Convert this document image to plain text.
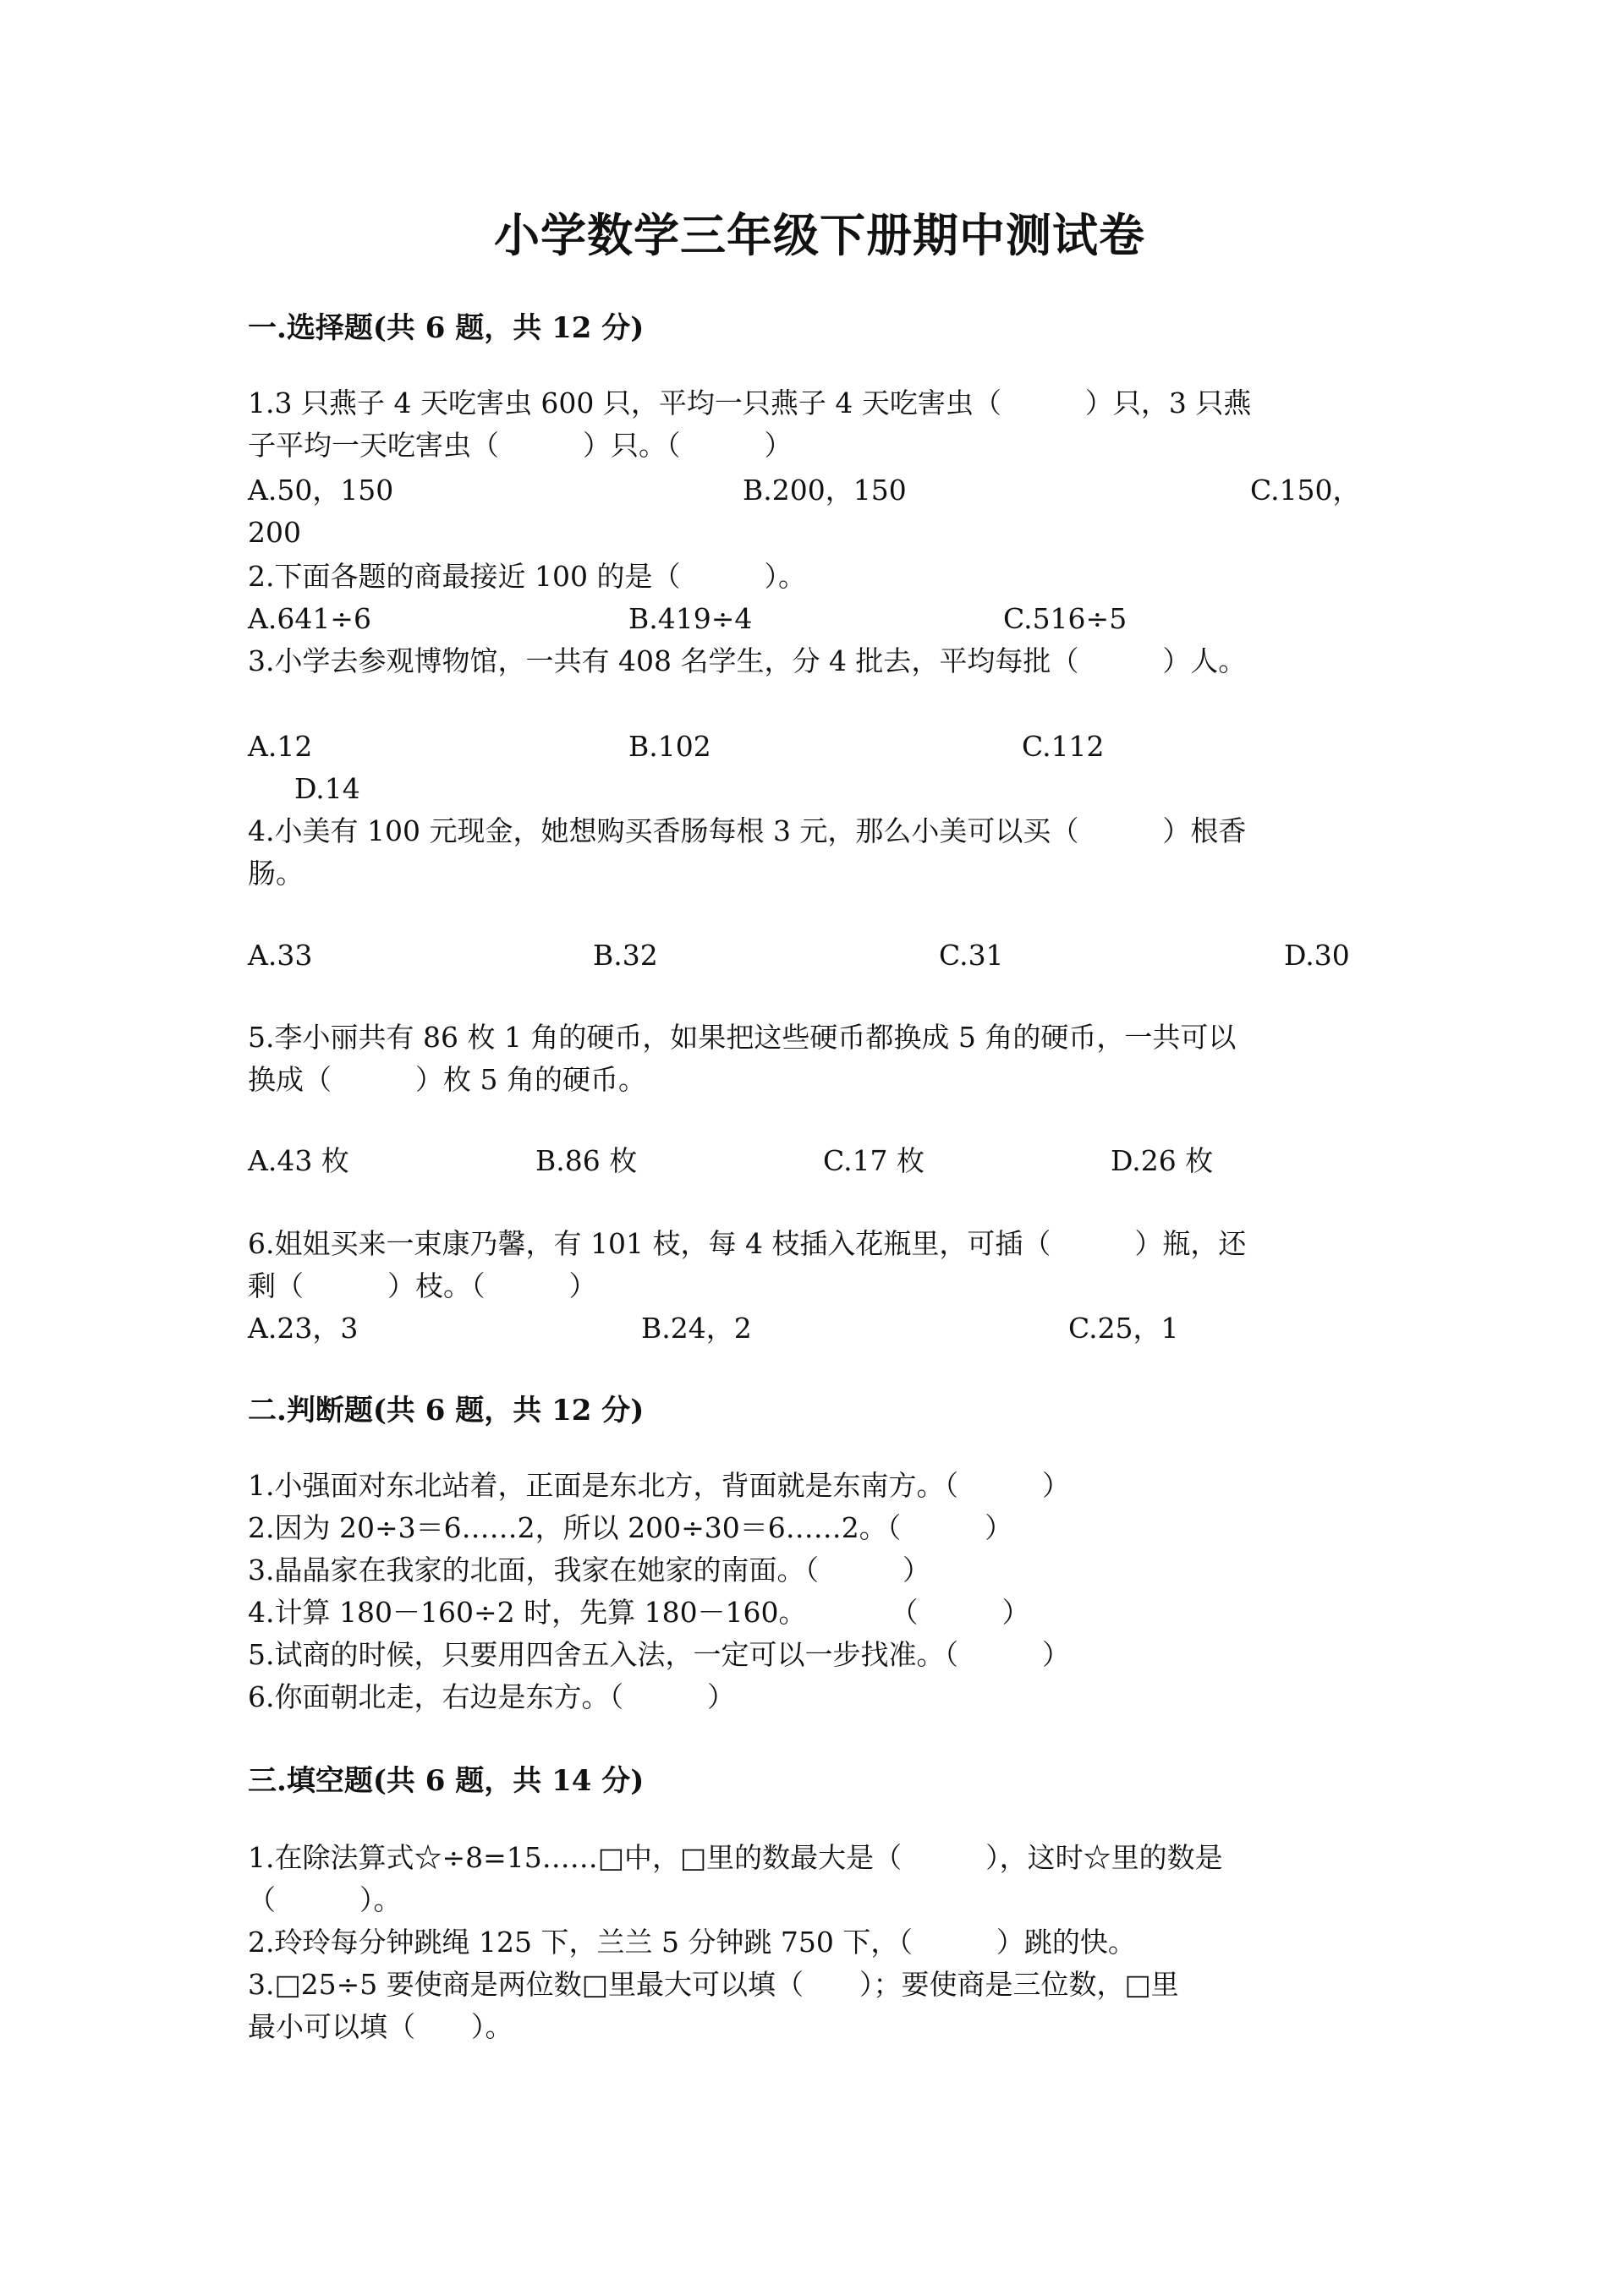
小学数学三年级下册期中测试卷
一.选择题(共 6 题，共 12 分)
1.3 只燕子 4 天吃害虫 600 只，平均一只燕子 4 天吃害虫（　　　）只，3 只燕
子平均一天吃害虫（　　　）只。（　　　）
A.50，150	B.200，150	C.150，
200
2.下面各题的商最接近 100 的是（　　　）。
A.641÷6	B.419÷4	C.516÷5
3.小学去参观博物馆，一共有 408 名学生，分 4 批去，平均每批（　　　）人。
A.12	B.102	C.112
D.14
4.小美有 100 元现金，她想购买香肠每根 3 元，那么小美可以买（　　　）根香
肠。
A.33	B.32	C.31	D.30
5.李小丽共有 86 枚 1 角的硬币，如果把这些硬币都换成 5 角的硬币，一共可以
换成（　　　）枚 5 角的硬币。
A.43 枚	B.86 枚	C.17 枚	D.26 枚
6.姐姐买来一束康乃馨，有 101 枝，每 4 枝插入花瓶里，可插（　　　）瓶，还
剩（　　　）枝。（　　　）
A.23，3	B.24，2	C.25，1
二.判断题(共 6 题，共 12 分)
1.小强面对东北站着，正面是东北方，背面就是东南方。（　　　）
2.因为 20÷3＝6……2，所以 200÷30＝6……2。（　　　）
3.晶晶家在我家的北面，我家在她家的南面。（　　　）
4.计算 180－160÷2 时，先算 180－160。　　　　（　　　）
5.试商的时候，只要用四舍五入法，一定可以一步找准。（　　　）
6.你面朝北走，右边是东方。（　　　）
三.填空题(共 6 题，共 14 分)
1.在除法算式☆÷8=15……□中，□里的数最大是（　　　），这时☆里的数是
（　　　）。
2.玲玲每分钟跳绳 125 下，兰兰 5 分钟跳 750 下，（　　　）跳的快。
3.□25÷5 要使商是两位数□里最大可以填（　　）；要使商是三位数，□里
最小可以填（　　）。
